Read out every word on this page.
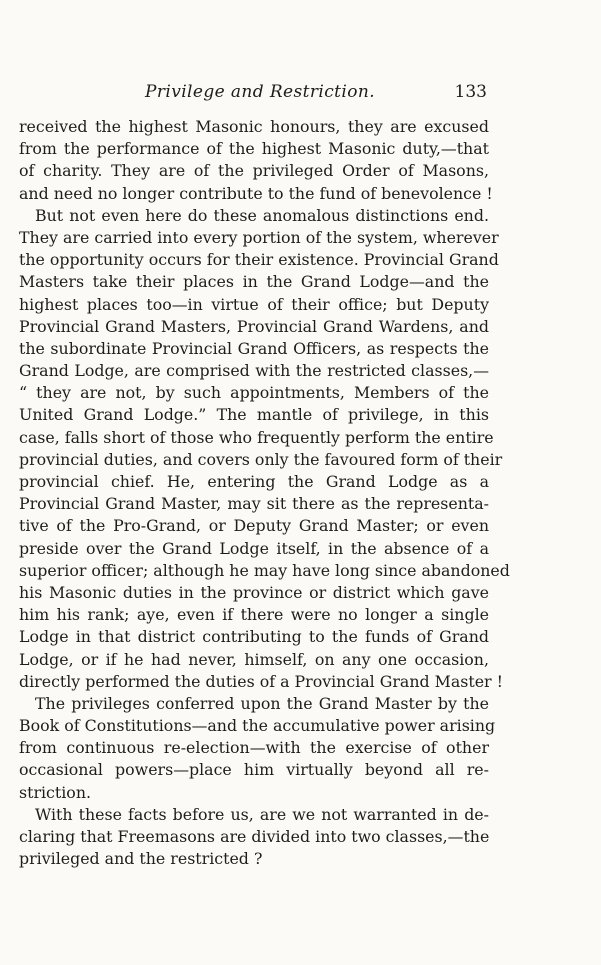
Privilege and Restriction.	133
received the highest Masonic honours, they are excused
from the performance of the highest Masonic duty,—that
of charity. They are of the privileged Order of Masons,
and need no longer contribute to the fund of benevolence !
But not even here do these anomalous distinctions end.
They are carried into every portion of the system, wherever
the opportunity occurs for their existence. Provincial Grand
Masters take their places in the Grand Lodge—and the
highest places too—in virtue of their office; but Deputy
Provincial Grand Masters, Provincial Grand Wardens, and
the subordinate Provincial Grand Officers, as respects the
Grand Lodge, are comprised with the restricted classes,—
“ they are not, by such appointments, Members of the
United Grand Lodge.” The mantle of privilege, in this
case, falls short of those who frequently perform the entire
provincial duties, and covers only the favoured form of their
provincial chief. He, entering the Grand Lodge as a
Provincial Grand Master, may sit there as the representa-
tive of the Pro-Grand, or Deputy Grand Master; or even
preside over the Grand Lodge itself, in the absence of a
superior officer; although he may have long since abandoned
his Masonic duties in the province or district which gave
him his rank; aye, even if there were no longer a single
Lodge in that district contributing to the funds of Grand
Lodge, or if he had never, himself, on any one occasion,
directly performed the duties of a Provincial Grand Master !
The privileges conferred upon the Grand Master by the
Book of Constitutions—and the accumulative power arising
from continuous re-election—with the exercise of other
occasional powers—place him virtually beyond all re-
striction.
With these facts before us, are we not warranted in de-
claring that Freemasons are divided into two classes,—the
privileged and the restricted ?
